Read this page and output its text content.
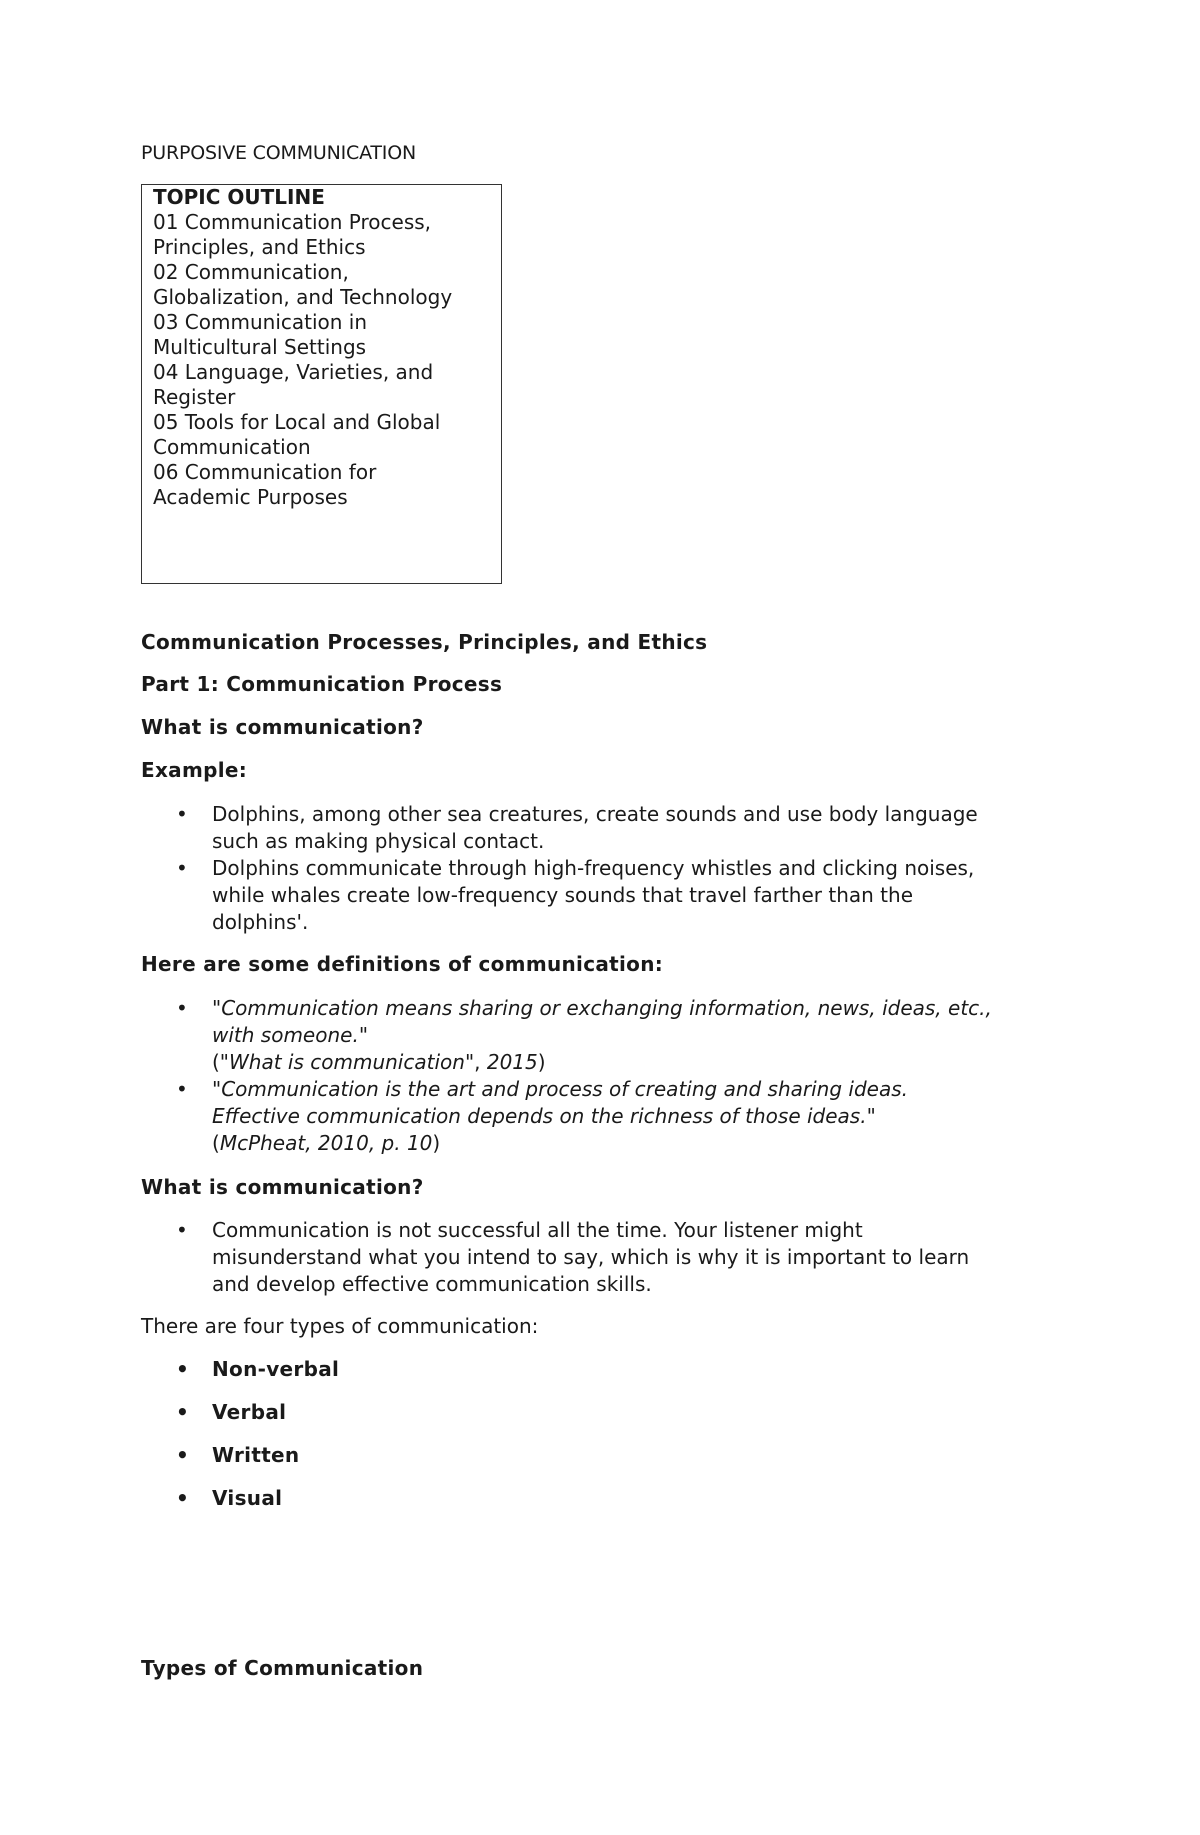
PURPOSIVE COMMUNICATION
TOPIC OUTLINE
01 Communication Process,
Principles, and Ethics
02 Communication,
Globalization, and Technology
03 Communication in
Multicultural Settings
04 Language, Varieties, and
Register
05 Tools for Local and Global
Communication
06 Communication for
Academic Purposes
Communication Processes, Principles, and Ethics
Part 1: Communication Process
What is communication?
Example:
• Dolphins, among other sea creatures, create sounds and use body language
such as making physical contact.
• Dolphins communicate through high-frequency whistles and clicking noises,
while whales create low-frequency sounds that travel farther than the
dolphins'.
Here are some definitions of communication:
• "Communication means sharing or exchanging information, news, ideas, etc.,
with someone."
("What is communication", 2015)
• "Communication is the art and process of creating and sharing ideas.
Effective communication depends on the richness of those ideas."
(McPheat, 2010, p. 10)
What is communication?
• Communication is not successful all the time. Your listener might
misunderstand what you intend to say, which is why it is important to learn
and develop effective communication skills.
There are four types of communication:
• Non-verbal
• Verbal
• Written
• Visual
Types of Communication
